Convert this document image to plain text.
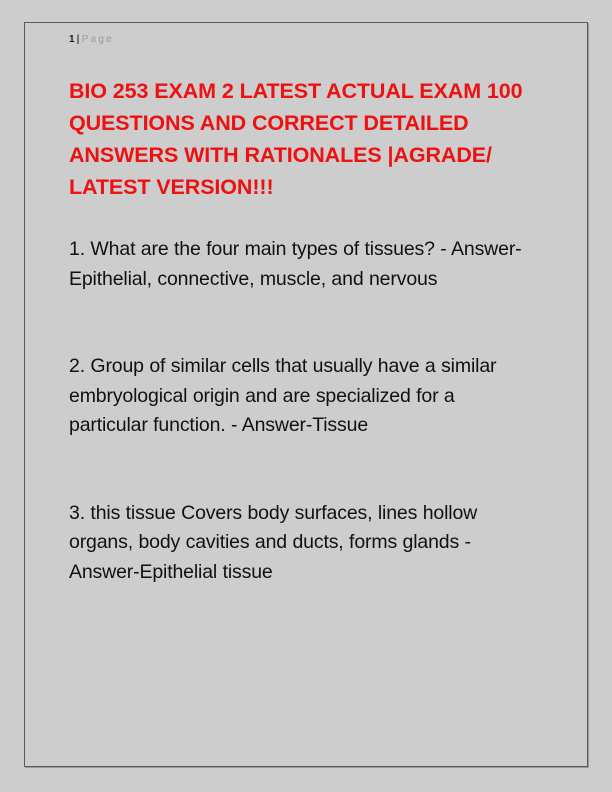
1 | Page
BIO 253 EXAM 2 LATEST ACTUAL EXAM 100 QUESTIONS AND CORRECT DETAILED ANSWERS WITH RATIONALES |AGRADE/ LATEST VERSION!!!

1. What are the four main types of tissues? - Answer-Epithelial, connective, muscle, and nervous

2. Group of similar cells that usually have a similar embryological origin and are specialized for a particular function. - Answer-Tissue

3. this tissue Covers body surfaces, lines hollow organs, body cavities and ducts, forms glands - Answer-Epithelial tissue
